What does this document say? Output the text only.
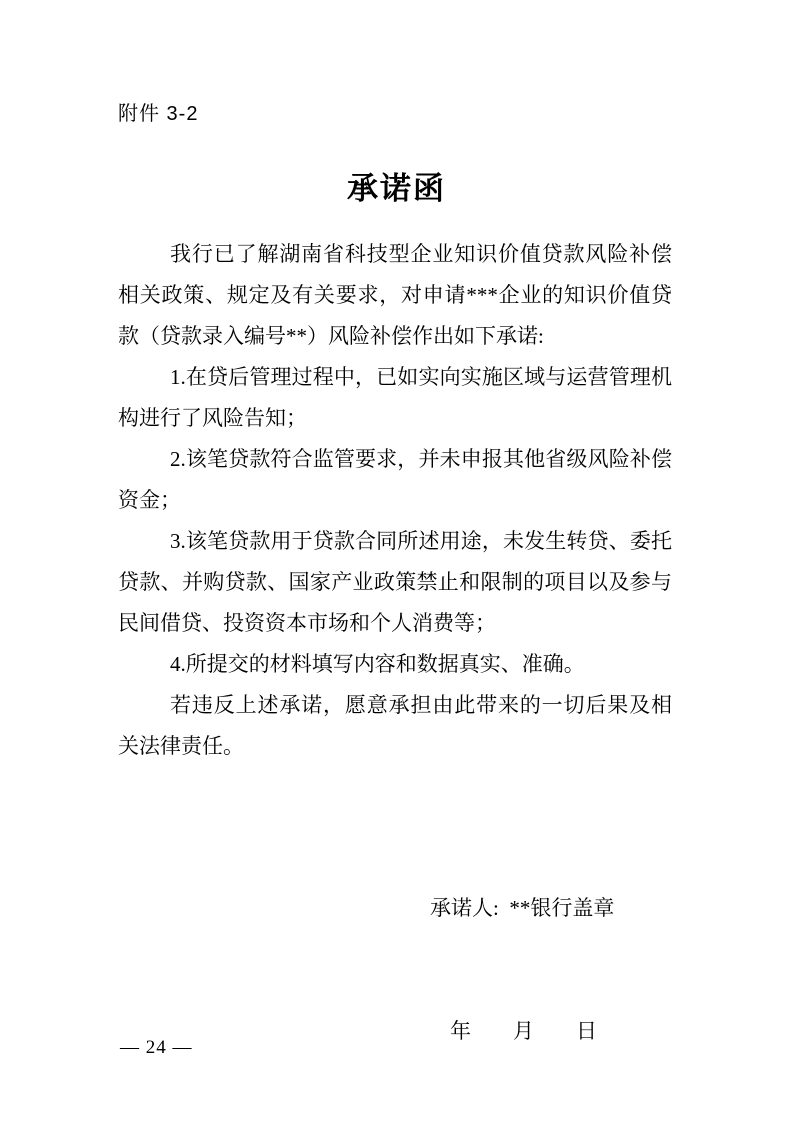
附件 3-2
承诺函

我行已了解湖南省科技型企业知识价值贷款风险补偿相关政策、规定及有关要求，对申请***企业的知识价值贷款（贷款录入编号**）风险补偿作出如下承诺:

1.在贷后管理过程中，已如实向实施区域与运营管理机构进行了风险告知；

2.该笔贷款符合监管要求，并未申报其他省级风险补偿资金；

3.该笔贷款用于贷款合同所述用途，未发生转贷、委托贷款、并购贷款、国家产业政策禁止和限制的项目以及参与民间借贷、投资资本市场和个人消费等；

4.所提交的材料填写内容和数据真实、准确。

若违反上述承诺，愿意承担由此带来的一切后果及相关法律责任。

承诺人:  **银行盖章

年　　月　　日

— 24 —
